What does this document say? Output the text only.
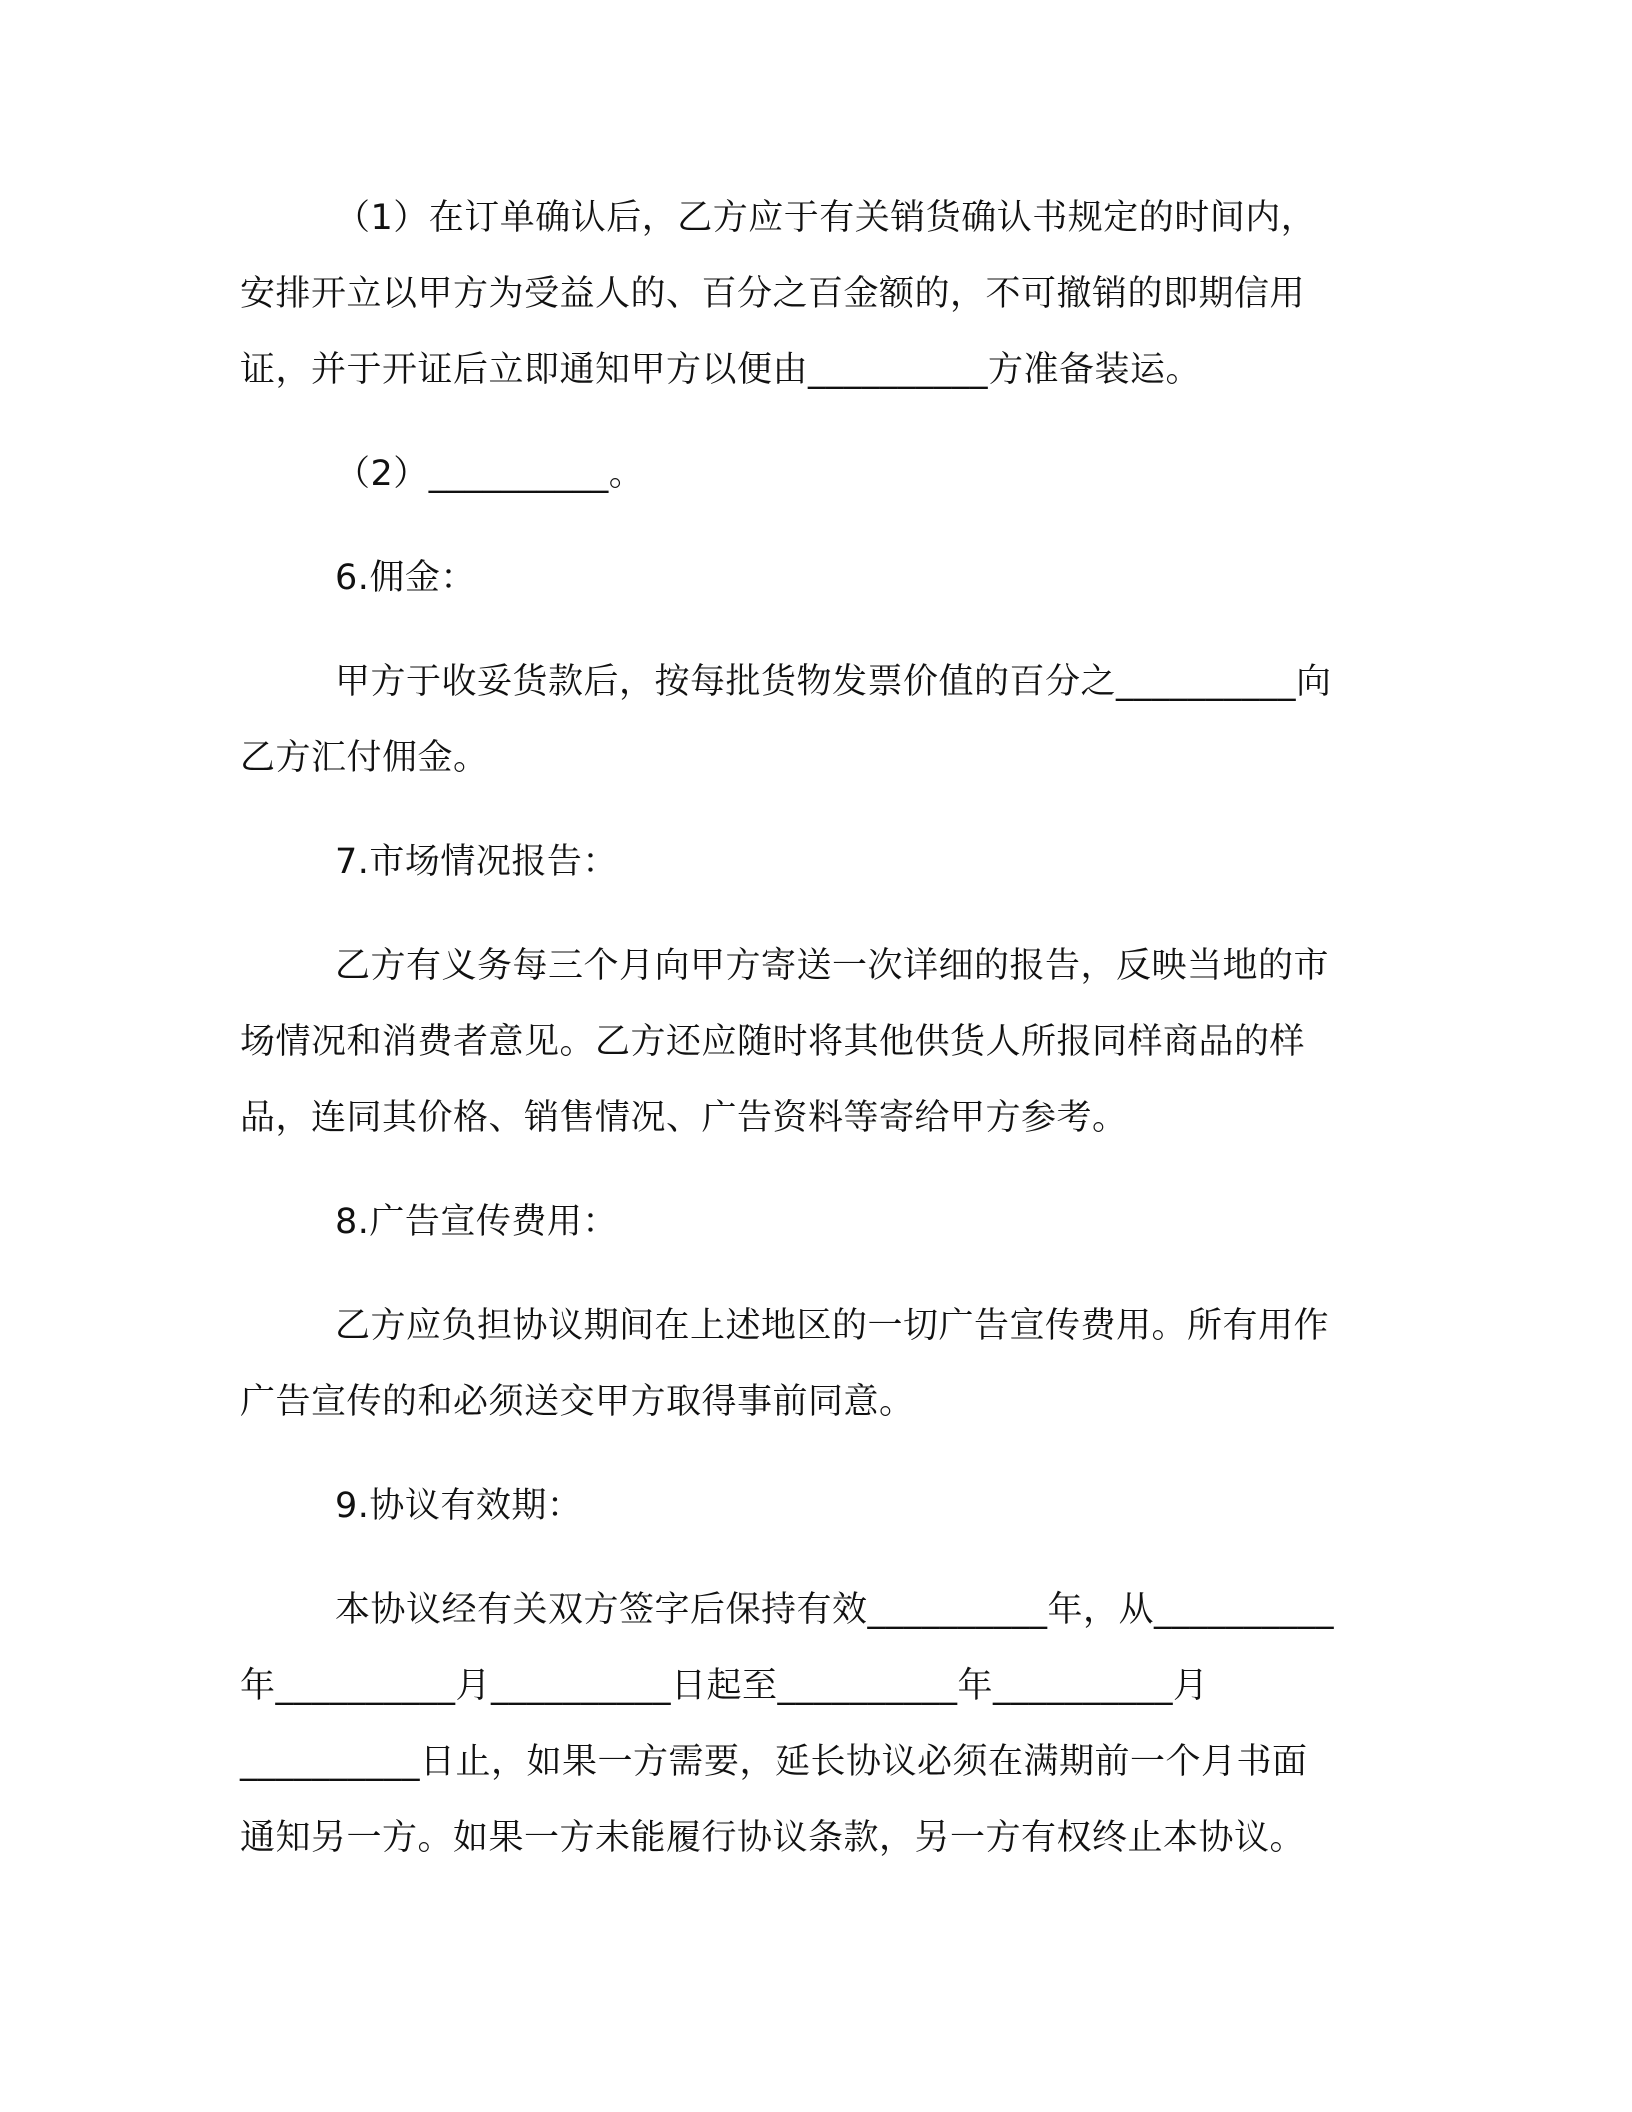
（1）在订单确认后，乙方应于有关销货确认书规定的时间内，
安排开立以甲方为受益人的、百分之百金额的，不可撤销的即期信用
证，并于开证后立即通知甲方以便由__________方准备装运。

（2）__________。

6.佣金：

甲方于收妥货款后，按每批货物发票价值的百分之__________向
乙方汇付佣金。

7.市场情况报告：

乙方有义务每三个月向甲方寄送一次详细的报告，反映当地的市
场情况和消费者意见。乙方还应随时将其他供货人所报同样商品的样
品，连同其价格、销售情况、广告资料等寄给甲方参考。

8.广告宣传费用：

乙方应负担协议期间在上述地区的一切广告宣传费用。所有用作
广告宣传的和必须送交甲方取得事前同意。

9.协议有效期：

本协议经有关双方签字后保持有效__________年，从__________
年__________月__________日起至__________年__________月
__________日止，如果一方需要，延长协议必须在满期前一个月书面
通知另一方。如果一方未能履行协议条款，另一方有权终止本协议。
